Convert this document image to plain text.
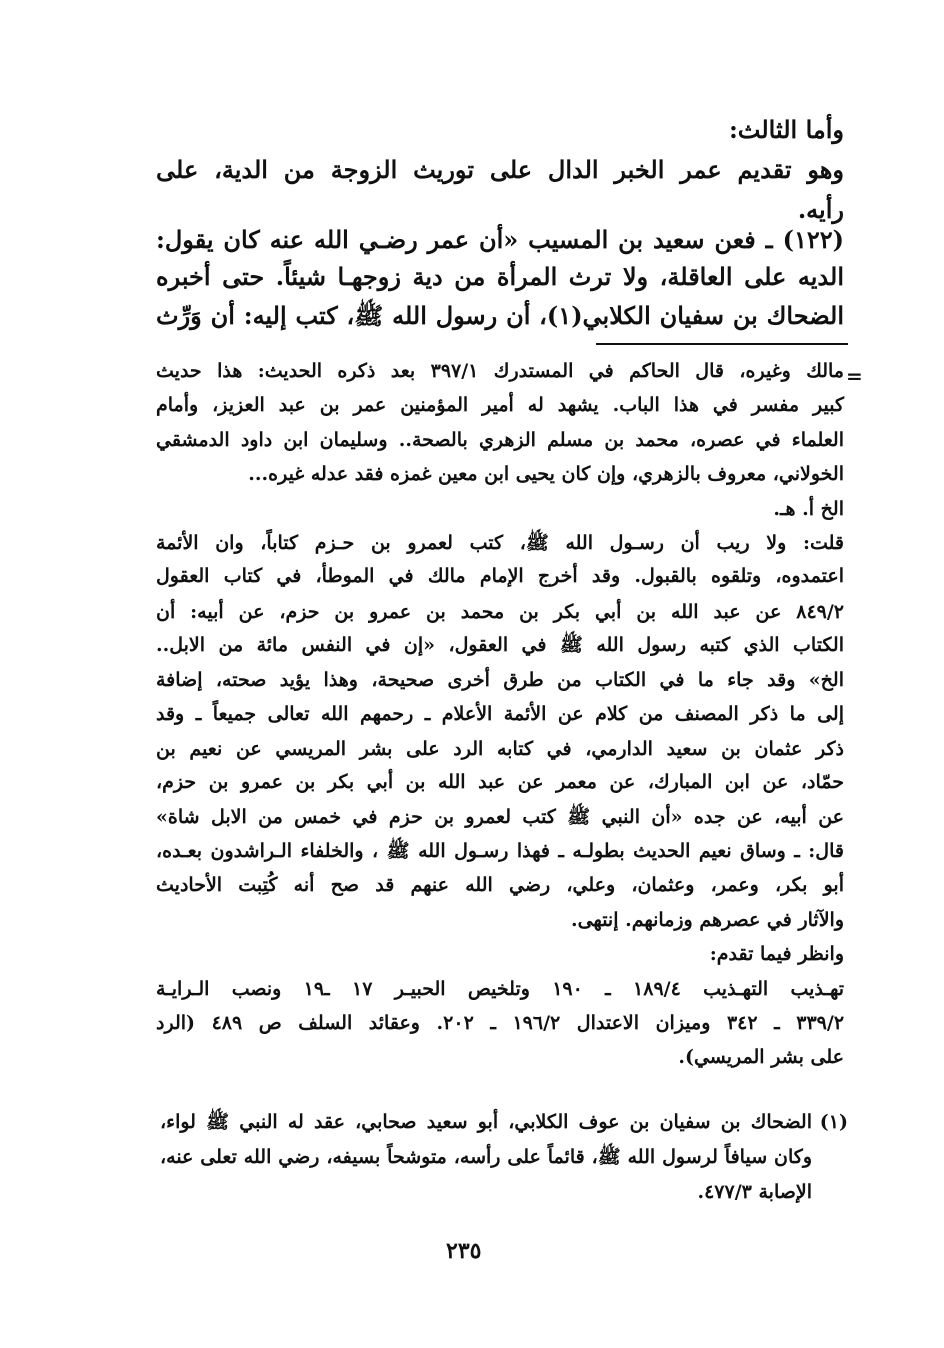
وأما الثالث:
وهو تقديم عمر الخبر الدال على توريث الزوجة من الدية، على
رأيه.
(١٢٢) ـ فعن سعيد بن المسيب «أن عمر رضـي الله عنه كان يقول:
الديه على العاقلة، ولا ترث المرأة من دية زوجهـا شيئاً. حتى أخبره
الضحاك بن سفيان الكلابي(١)، أن رسول الله ﷺ، كتب إليه: أن وَرِّث
=
مالك وغيره، قال الحاكم في المستدرك ٣٩٧/١ بعد ذكره الحديث: هذا حديث
كبير مفسر في هذا الباب. يشهد له أمير المؤمنين عمر بن عبد العزيز، وأمام
العلماء في عصره، محمد بن مسلم الزهري بالصحة.. وسليمان ابن داود الدمشقي
الخولاني، معروف بالزهري، وإن كان يحيى ابن معين غمزه فقد عدله غيره...
الخ أ. هـ.
قلت: ولا ريب أن رسـول الله ﷺ، كتب لعمرو بن حـزم كتاباً، وان الأئمة
اعتمدوه، وتلقوه بالقبول. وقد أخرج الإمام مالك في الموطأ، في كتاب العقول
٨٤٩/٢ عن عبد الله بن أبي بكر بن محمد بن عمرو بن حزم، عن أبيه: أن
الكتاب الذي كتبه رسول الله ﷺ في العقول، «إن في النفس مائة من الابل..
الخ» وقد جاء ما في الكتاب من طرق أخرى صحيحة، وهذا يؤيد صحته، إضافة
إلى ما ذكر المصنف من كلام عن الأئمة الأعلام ـ رحمهم الله تعالى جميعاً ـ وقد
ذكر عثمان بن سعيد الدارمي، في كتابه الرد على بشر المريسي عن نعيم بن
حمّاد، عن ابن المبارك، عن معمر عن عبد الله بن أبي بكر بن عمرو بن حزم،
عن أبيه، عن جده «أن النبي ﷺ كتب لعمرو بن حزم في خمس من الابل شاة»
قال: ـ وساق نعيم الحديث بطولـه ـ فهذا رسـول الله ﷺ ، والخلفاء الـراشدون بعـده،
أبو بكر، وعمر، وعثمان، وعلي، رضي الله عنهم قد صح أنه كُتِبت الأحاديث
والآثار في عصرهم وزمانهم. إنتهى.
وانظر فيما تقدم:
تهـذيب التهـذيب ١٨٩/٤ ـ ١٩٠ وتلخيص الحبيـر ١٧ ـ١٩ ونصب الـرايـة
٣٣٩/٢ ـ ٣٤٢ وميزان الاعتدال ١٩٦/٢ ـ ٢٠٢. وعقائد السلف ص ٤٨٩ (الرد
على بشر المريسي).
(١)
الضحاك بن سفيان بن عوف الكلابي، أبو سعيد صحابي، عقد له النبي ﷺ لواء،
وكان سيافاً لرسول الله ﷺ، قائماً على رأسه، متوشحاً بسيفه، رضي الله تعلى عنه،
الإصابة ٤٧٧/٣.
٢٣٥
